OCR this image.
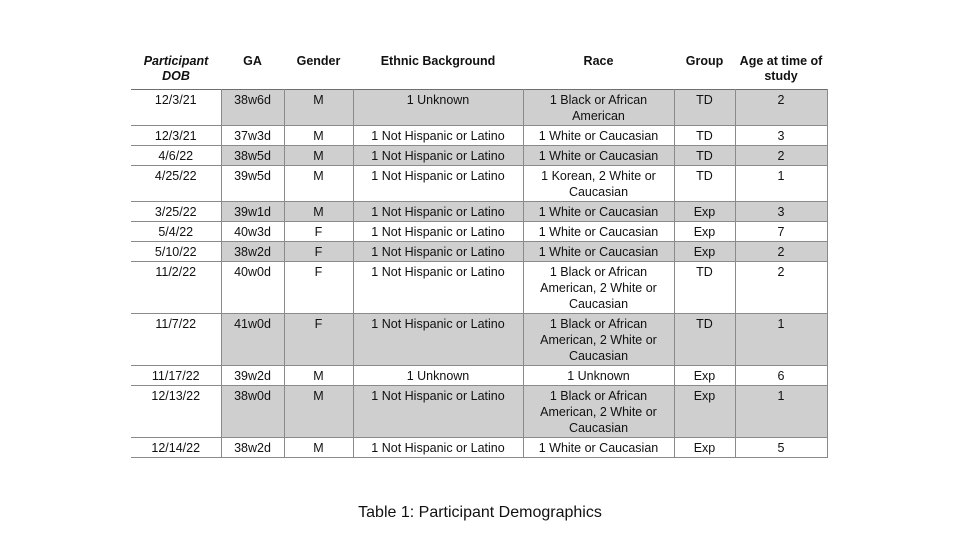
Participant DOB	GA	Gender	Ethnic Background	Race	Group	Age at time of study
12/3/21	38w6d	M	1 Unknown	1 Black or African American	TD	2
12/3/21	37w3d	M	1 Not Hispanic or Latino	1 White or Caucasian	TD	3
4/6/22	38w5d	M	1 Not Hispanic or Latino	1 White or Caucasian	TD	2
4/25/22	39w5d	M	1 Not Hispanic or Latino	1 Korean, 2 White or Caucasian	TD	1
3/25/22	39w1d	M	1 Not Hispanic or Latino	1 White or Caucasian	Exp	3
5/4/22	40w3d	F	1 Not Hispanic or Latino	1 White or Caucasian	Exp	7
5/10/22	38w2d	F	1 Not Hispanic or Latino	1 White or Caucasian	Exp	2
11/2/22	40w0d	F	1 Not Hispanic or Latino	1 Black or African American, 2 White or Caucasian	TD	2
11/7/22	41w0d	F	1 Not Hispanic or Latino	1 Black or African American, 2 White or Caucasian	TD	1
11/17/22	39w2d	M	1 Unknown	1 Unknown	Exp	6
12/13/22	38w0d	M	1 Not Hispanic or Latino	1 Black or African American, 2 White or Caucasian	Exp	1
12/14/22	38w2d	M	1 Not Hispanic or Latino	1 White or Caucasian	Exp	5
Table 1: Participant Demographics
